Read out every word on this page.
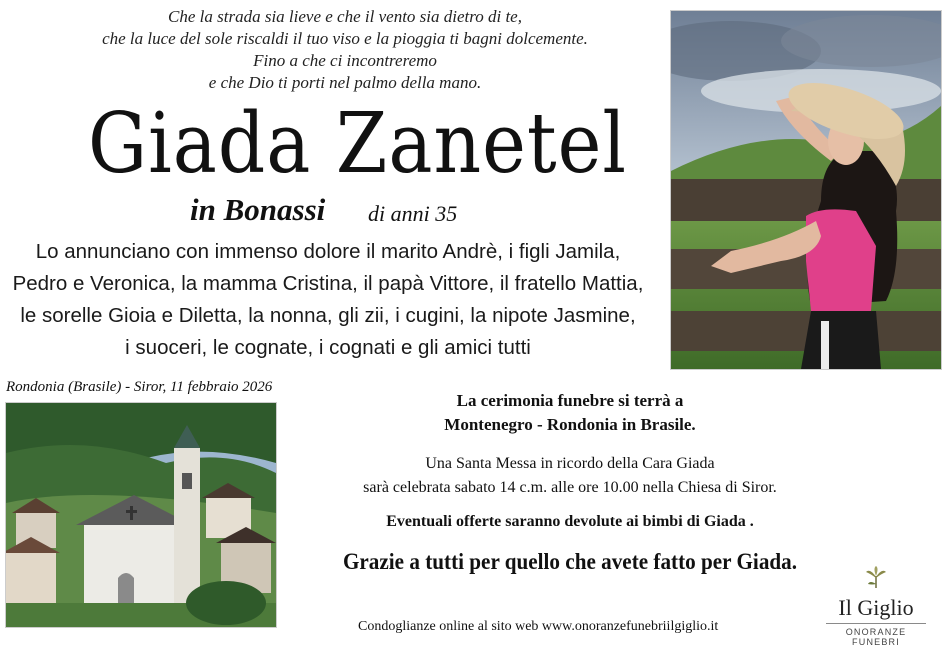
Che la strada sia lieve e che il vento sia dietro di te,
che la luce del sole riscaldi il tuo viso e la pioggia ti bagni dolcemente.
Fino a che ci incontreremo
e che Dio ti porti nel palmo della mano.
Giada Zanetel
in Bonassi di anni 35
Lo annunciano con immenso dolore il marito Andrè, i figli Jamila,
Pedro e Veronica, la mamma Cristina, il papà Vittore, il fratello Mattia,
le sorelle Gioia e Diletta, la nonna, gli zii, i cugini, la nipote Jasmine,
i suoceri, le cognate, i cognati e gli amici tutti
Rondonia (Brasile) - Siror, 11 febbraio 2026
La cerimonia funebre si terrà a
Montenegro - Rondonia in Brasile.
Una Santa Messa in ricordo della Cara Giada
sarà celebrata sabato 14 c.m. alle ore 10.00 nella Chiesa di Siror.
Eventuali offerte saranno devolute ai bimbi di Giada .
Grazie a tutti per quello che avete fatto per Giada.
Condoglianze online al sito web www.onoranzefunebriilgiglio.it
Il Giglio
ONORANZE FUNEBRI
